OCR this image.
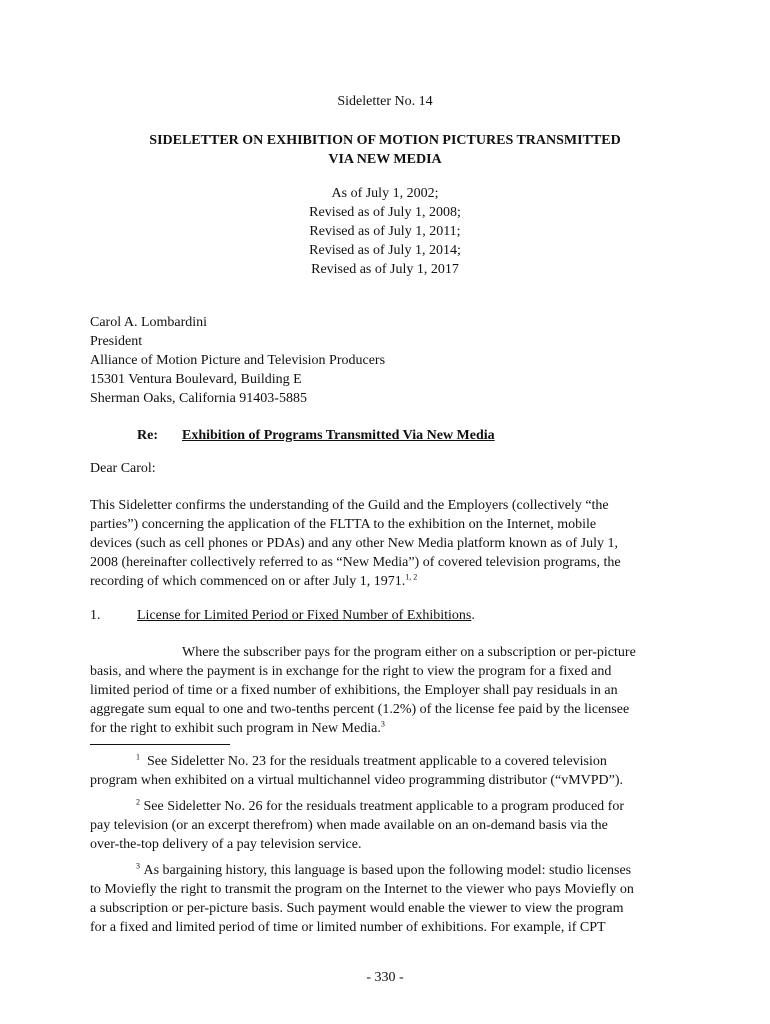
Sideletter No. 14
SIDELETTER ON EXHIBITION OF MOTION PICTURES TRANSMITTED
VIA NEW MEDIA
As of July 1, 2002;
Revised as of July 1, 2008;
Revised as of July 1, 2011;
Revised as of July 1, 2014;
Revised as of July 1, 2017
Carol A. Lombardini
President
Alliance of Motion Picture and Television Producers
15301 Ventura Boulevard, Building E
Sherman Oaks, California 91403-5885
Re: Exhibition of Programs Transmitted Via New Media
Dear Carol:
This Sideletter confirms the understanding of the Guild and the Employers (collectively “the
parties”) concerning the application of the FLTTA to the exhibition on the Internet, mobile
devices (such as cell phones or PDAs) and any other New Media platform known as of July 1,
2008 (hereinafter collectively referred to as “New Media”) of covered television programs, the
recording of which commenced on or after July 1, 1971.$^{1, 2}$
1.	License for Limited Period or Fixed Number of Exhibitions.
Where the subscriber pays for the program either on a subscription or per-picture
basis, and where the payment is in exchange for the right to view the program for a fixed and
limited period of time or a fixed number of exhibitions, the Employer shall pay residuals in an
aggregate sum equal to one and two-tenths percent (1.2%) of the license fee paid by the licensee
for the right to exhibit such program in New Media.$^3$
$^1$ See Sideletter No. 23 for the residuals treatment applicable to a covered television
program when exhibited on a virtual multichannel video programming distributor (“vMVPD”).
$^2$ See Sideletter No. 26 for the residuals treatment applicable to a program produced for
pay television (or an excerpt therefrom) when made available on an on-demand basis via the
over-the-top delivery of a pay television service.
$^3$ As bargaining history, this language is based upon the following model: studio licenses
to Moviefly the right to transmit the program on the Internet to the viewer who pays Moviefly on
a subscription or per-picture basis. Such payment would enable the viewer to view the program
for a fixed and limited period of time or limited number of exhibitions. For example, if CPT
- 330 -
